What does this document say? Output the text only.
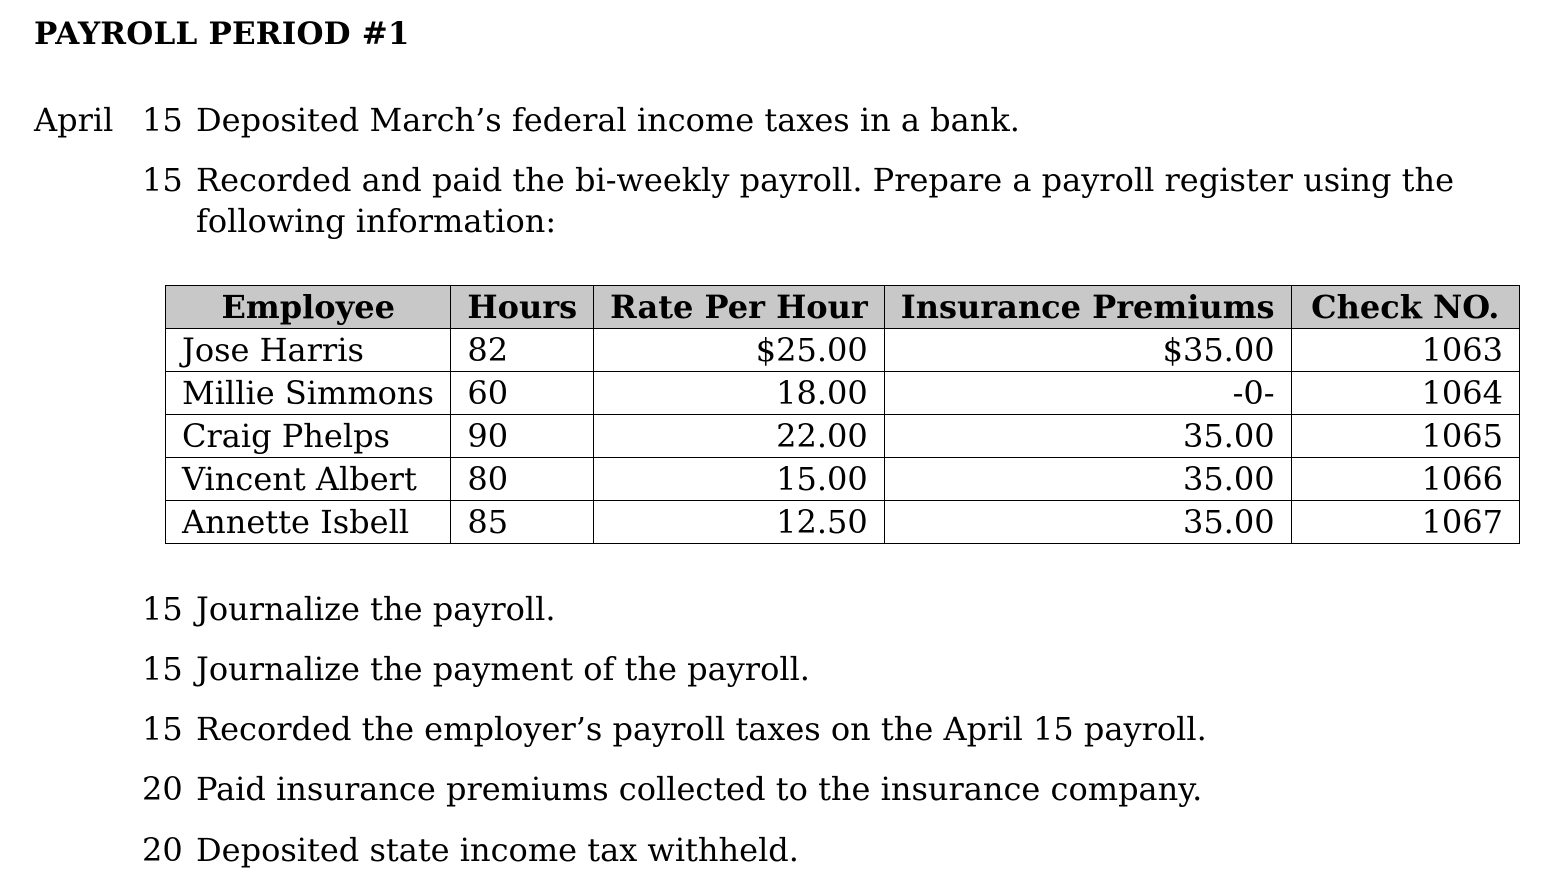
PAYROLL PERIOD #1
April 15 Deposited March’s federal income taxes in a bank.
15 Recorded and paid the bi-weekly payroll. Prepare a payroll register using the following information:
Employee	Hours	Rate Per Hour	Insurance Premiums	Check NO.
Jose Harris	82	$25.00	$35.00	1063
Millie Simmons	60	18.00	-0-	1064
Craig Phelps	90	22.00	35.00	1065
Vincent Albert	80	15.00	35.00	1066
Annette Isbell	85	12.50	35.00	1067
15 Journalize the payroll.
15 Journalize the payment of the payroll.
15 Recorded the employer’s payroll taxes on the April 15 payroll.
20 Paid insurance premiums collected to the insurance company.
20 Deposited state income tax withheld.
